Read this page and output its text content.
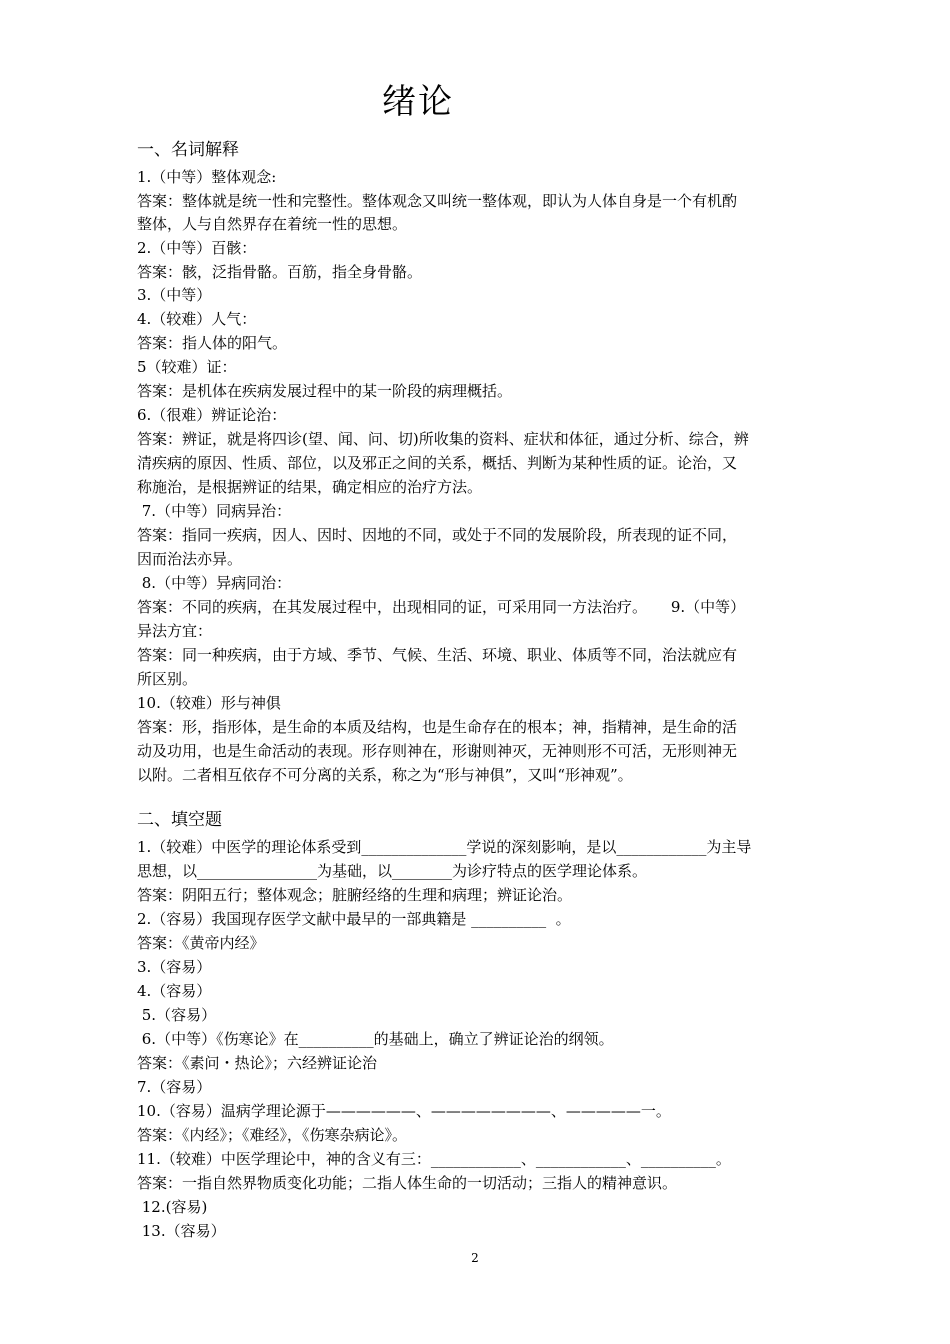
绪论
一、名词解释
1.（中等）整体观念:
答案：整体就是统一性和完整性。整体观念又叫统一整体观，即认为人体自身是一个有机酌
整体，人与自然界存在着统一性的思想。
2.（中等）百骸：
答案：骸，泛指骨骼。百筋，指全身骨骼。
3.（中等）
4.（较难）人气：
答案：指人体的阳气。
5（较难）证：
答案：是机体在疾病发展过程中的某一阶段的病理概括。
6.（很难）辨证论治：
答案：辨证，就是将四诊(望、闻、问、切)所收集的资料、症状和体征，通过分析、综合，辨
清疾病的原因、性质、部位，以及邪正之间的关系，概括、判断为某种性质的证。论治，又
称施治，是根据辨证的结果，确定相应的治疗方法。
7.（中等）同病异治：
答案：指同一疾病，因人、因时、因地的不同，或处于不同的发展阶段，所表现的证不同，
因而治法亦异。
8.（中等）异病同治：
答案：不同的疾病，在其发展过程中，出现相同的证，可采用同一方法治疗。     9.（中等）
异法方宜：
答案：同一种疾病，由于方域、季节、气候、生活、环境、职业、体质等不同，治法就应有
所区别。
10.（较难）形与神俱
答案：形，指形体，是生命的本质及结构，也是生命存在的根本；神，指精神，是生命的活
动及功用，也是生命活动的表现。形存则神在，形谢则神灭，无神则形不可活，无形则神无
以附。二者相互依存不可分离的关系，称之为“形与神俱”，又叫“形神观”。
二、填空题
1.（较难）中医学的理论体系受到______________学说的深刻影响，是以____________为主导
思想，以________________为基础，以________为诊疗特点的医学理论体系。
答案：阴阳五行；整体观念；脏腑经络的生理和病理；辨证论治。
2.（容易）我国现存医学文献中最早的一部典籍是 __________  。
答案：《黄帝内经》
3.（容易）
4.（容易）
5.（容易）
6.（中等）《伤寒论》在__________的基础上，确立了辨证论治的纲领。
答案：《素问・热论》；六经辨证论治
7.（容易）
10.（容易）温病学理论源于——————、————————、—————一。
答案：《内经》；《难经》，《伤寒杂病论》。
11.（较难）中医学理论中，神的含义有三：____________、____________、__________。
答案：一指自然界物质变化功能；二指人体生命的一切活动；三指人的精神意识。
12.(容易)
13.（容易）
2
